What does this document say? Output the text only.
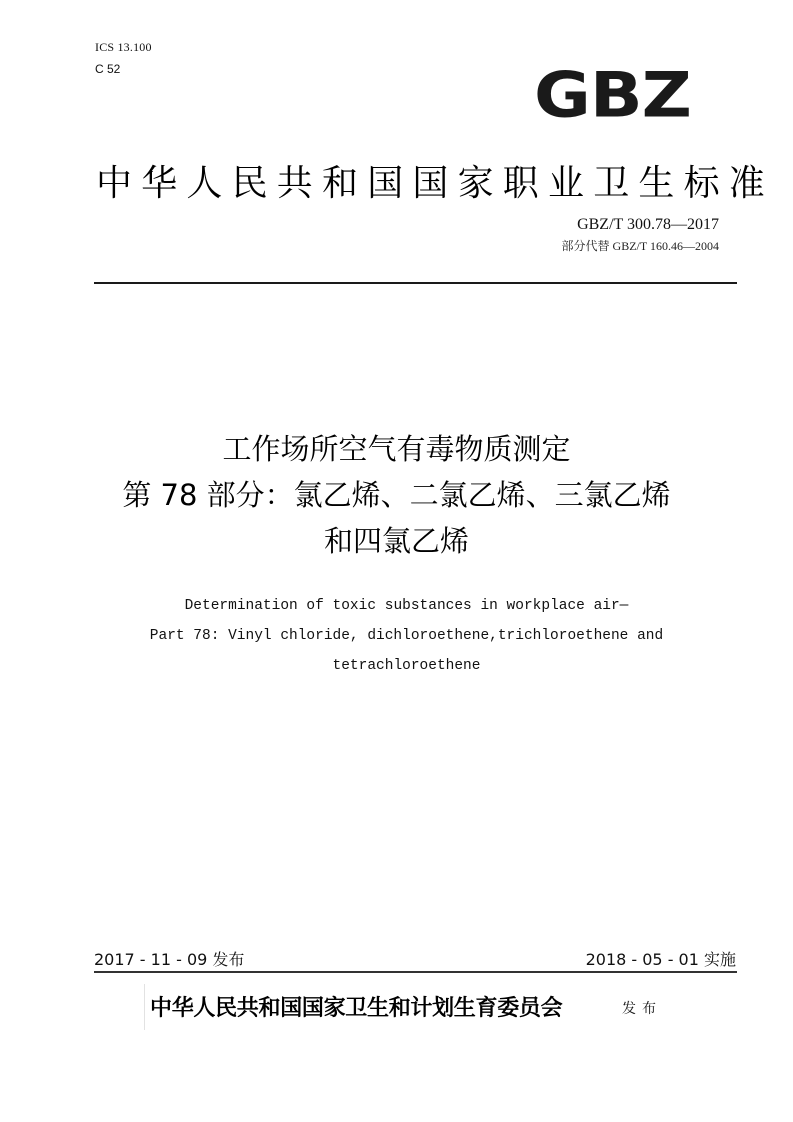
ICS 13.100
C 52	GBZ
中华人民共和国国家职业卫生标准
GBZ/T 300.78—2017
部分代替 GBZ/T 160.46—2004
工作场所空气有毒物质测定
第 78 部分：氯乙烯、二氯乙烯、三氯乙烯
和四氯乙烯
Determination of toxic substances in workplace air—
Part 78: Vinyl chloride, dichloroethene,trichloroethene and
tetrachloroethene
2017 - 11 - 09 发布	2018 - 05 - 01 实施
中华人民共和国国家卫生和计划生育委员会	发布
